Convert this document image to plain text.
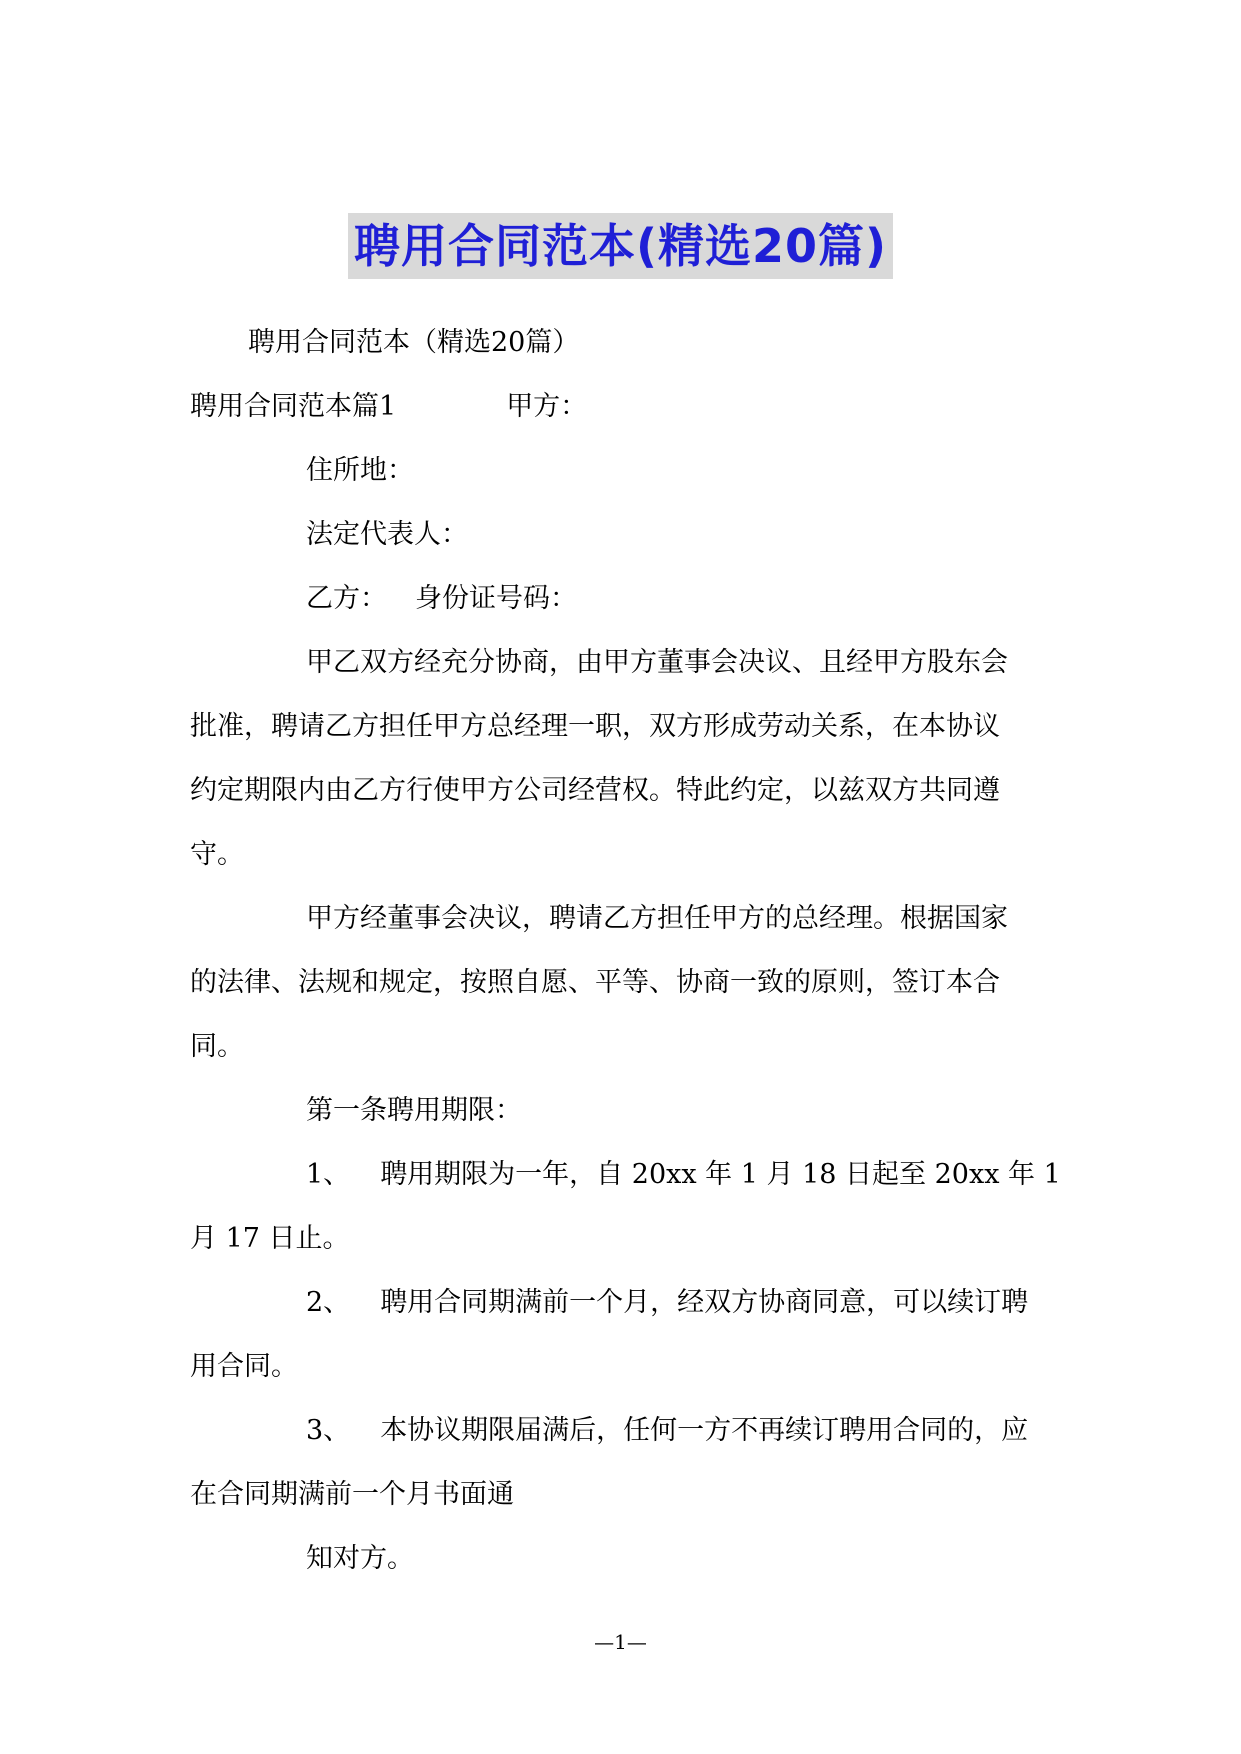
聘用合同范本(精选20篇)
聘用合同范本（精选20篇）
聘用合同范本篇1	甲方：
住所地：
法定代表人：
乙方： 身份证号码：
甲乙双方经充分协商，由甲方董事会决议、且经甲方股东会
批准，聘请乙方担任甲方总经理一职，双方形成劳动关系，在本协议
约定期限内由乙方行使甲方公司经营权。特此约定，以兹双方共同遵
守。
甲方经董事会决议，聘请乙方担任甲方的总经理。根据国家
的法律、法规和规定，按照自愿、平等、协商一致的原则，签订本合
同。
第一条聘用期限：
1、 聘用期限为一年，自 20xx 年 1 月 18 日起至 20xx 年 1
月 17 日止。
2、 聘用合同期满前一个月，经双方协商同意，可以续订聘
用合同。
3、 本协议期限届满后，任何一方不再续订聘用合同的，应
在合同期满前一个月书面通
知对方。
—1—
